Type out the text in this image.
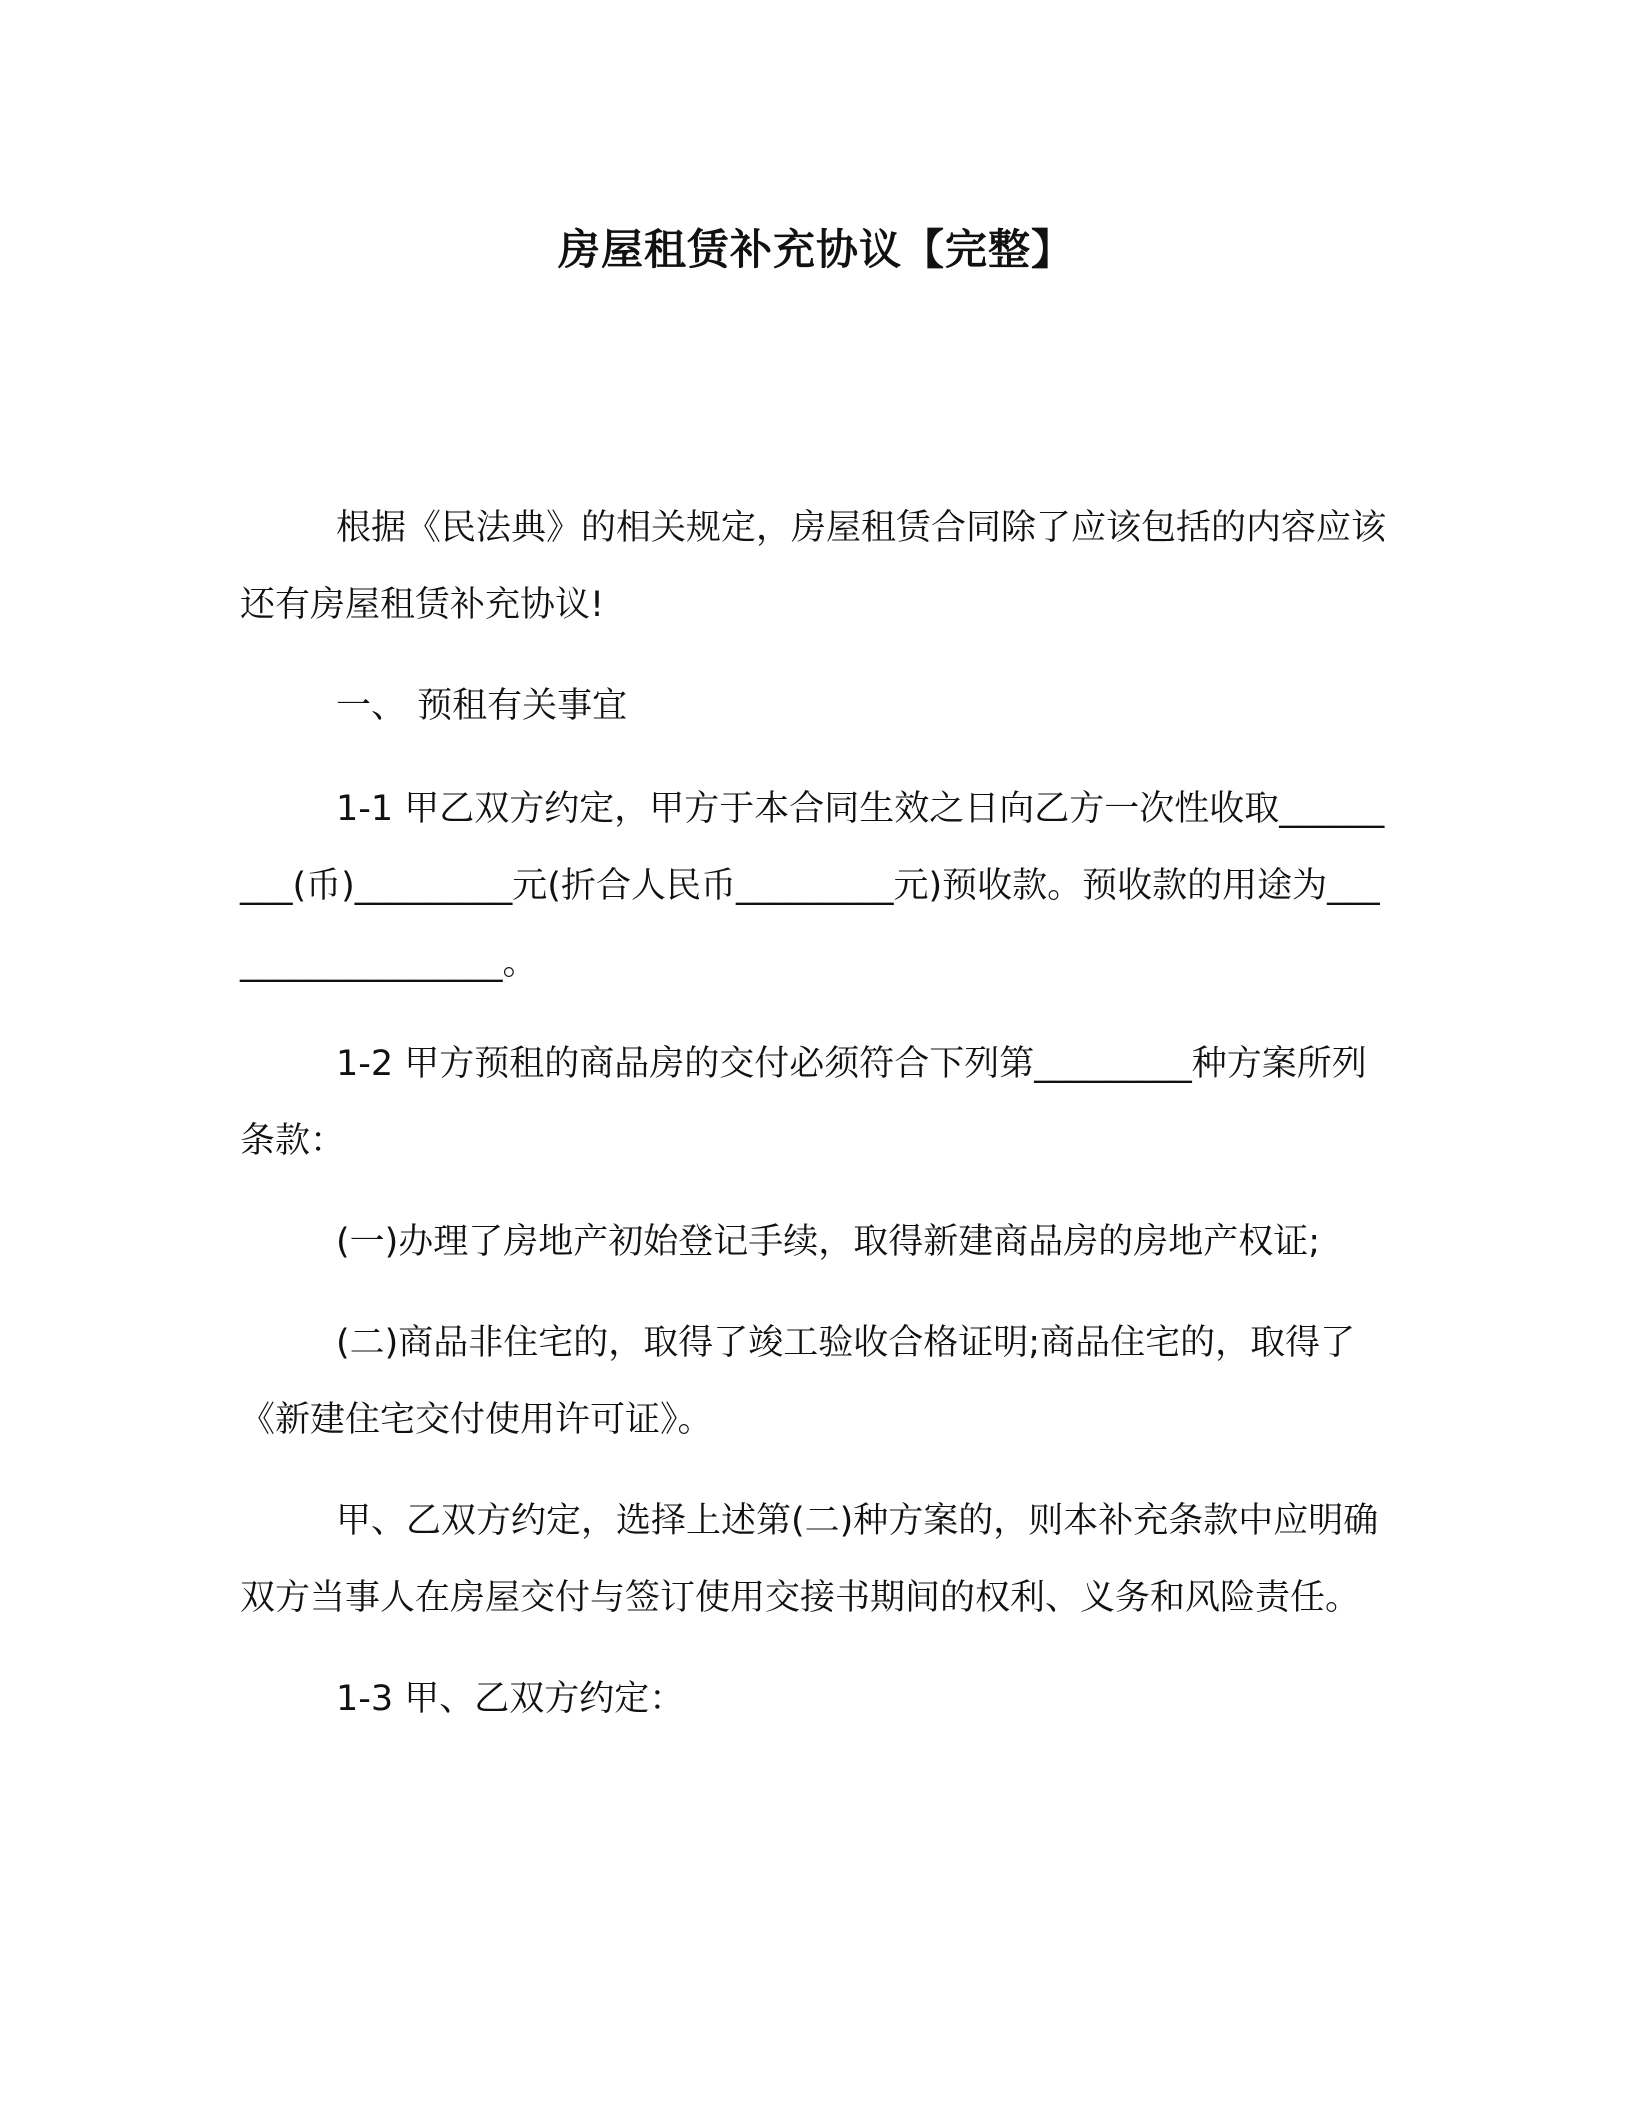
房屋租赁补充协议【完整】

根据《民法典》的相关规定，房屋租赁合同除了应该包括的内容应该还有房屋租赁补充协议!

一、 预租有关事宜

1-1 甲乙双方约定，甲方于本合同生效之日向乙方一次性收取_________(币)_________元(折合人民币_________元)预收款。预收款的用途为__________________。

1-2 甲方预租的商品房的交付必须符合下列第_________种方案所列条款：

(一)办理了房地产初始登记手续，取得新建商品房的房地产权证;

(二)商品非住宅的，取得了竣工验收合格证明;商品住宅的，取得了《新建住宅交付使用许可证》。

甲、乙双方约定，选择上述第(二)种方案的，则本补充条款中应明确双方当事人在房屋交付与签订使用交接书期间的权利、义务和风险责任。

1-3 甲、乙双方约定：
